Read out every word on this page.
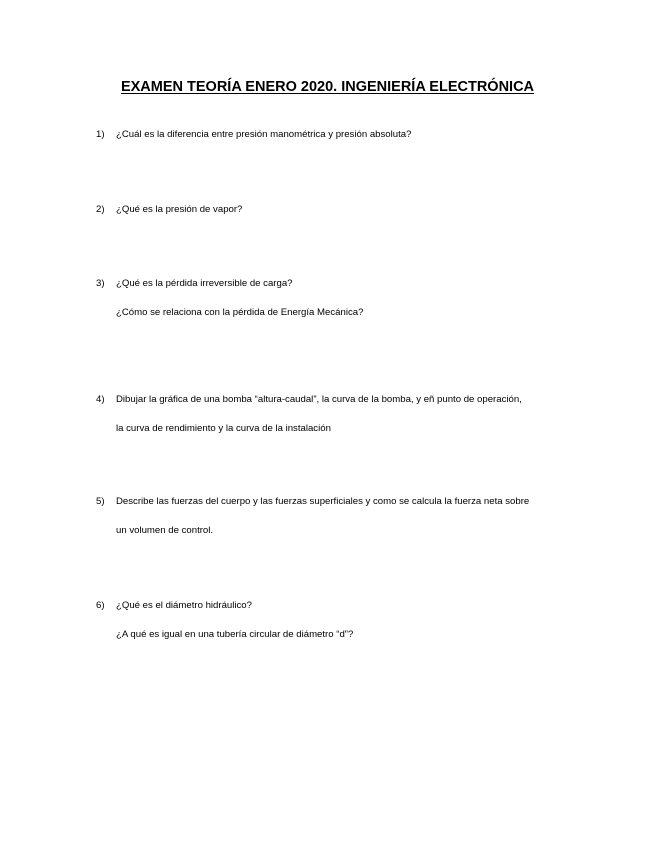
EXAMEN TEORÍA ENERO 2020. INGENIERÍA ELECTRÓNICA
1) ¿Cuál es la diferencia entre presión manométrica y presión absoluta?
2) ¿Qué es la presión de vapor?
3) ¿Qué es la pérdida irreversible de carga?
¿Cómo se relaciona con la pérdida de Energía Mecánica?
4) Dibujar la gráfica de una bomba “altura-caudal”, la curva de la bomba, y eñ punto de operación,
la curva de rendimiento y la curva de la instalación
5) Describe las fuerzas del cuerpo y las fuerzas superficiales y como se calcula la fuerza neta sobre
un volumen de control.
6) ¿Qué es el diámetro hidráulico?
¿A qué es igual en una tubería circular de diámetro “d”?
